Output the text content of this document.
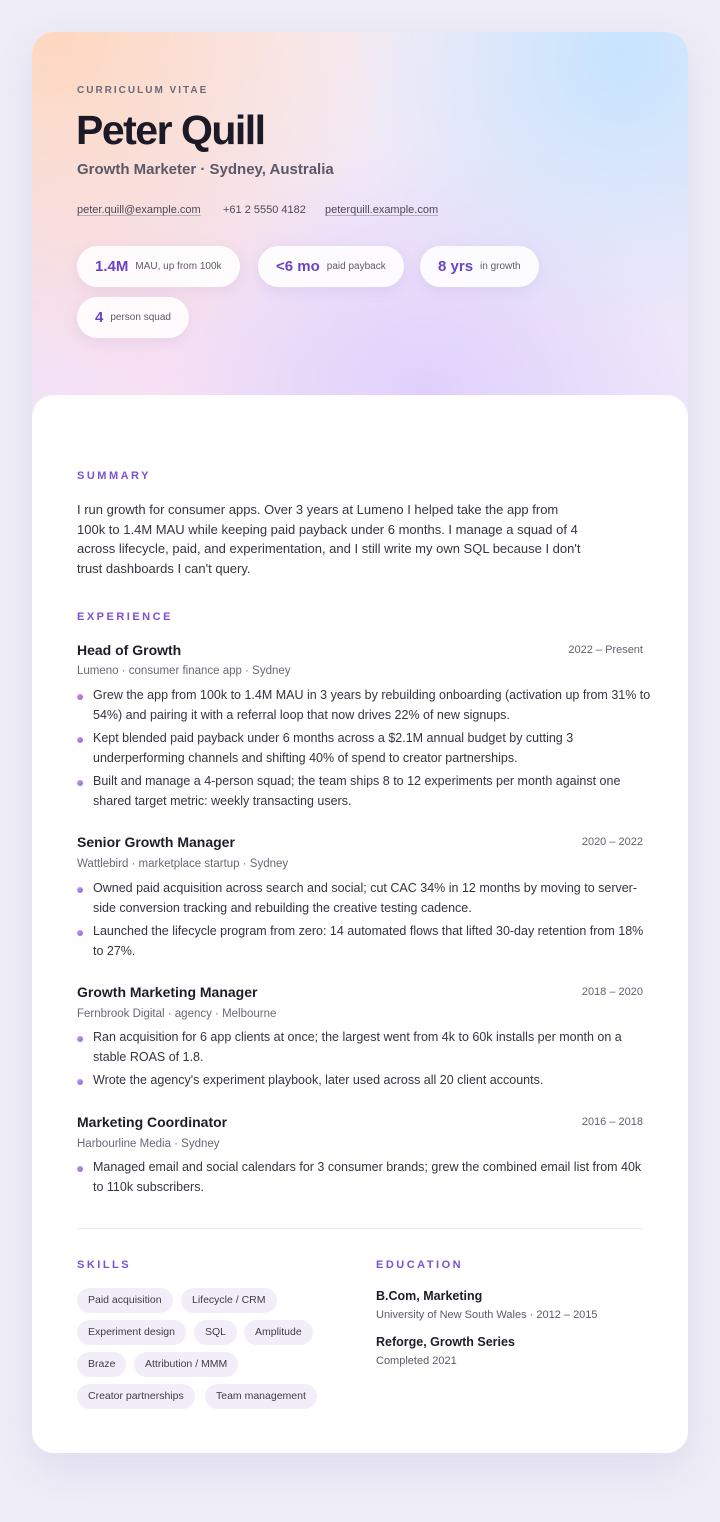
CURRICULUM VITAE
Peter Quill
Growth Marketer · Sydney, Australia
peter.quill@example.com +61 2 5550 4182 peterquill.example.com
1.4M MAU, up from 100k	<6 mo paid payback	8 yrs in growth
4 person squad
SUMMARY
I run growth for consumer apps. Over 3 years at Lumeno I helped take the app from 100k to 1.4M MAU while keeping paid payback under 6 months. I manage a squad of 4 across lifecycle, paid, and experimentation, and I still write my own SQL because I don't trust dashboards I can't query.
EXPERIENCE
Head of Growth	2022 – Present
Lumeno · consumer finance app · Sydney
Grew the app from 100k to 1.4M MAU in 3 years by rebuilding onboarding (activation up from 31% to 54%) and pairing it with a referral loop that now drives 22% of new signups.
Kept blended paid payback under 6 months across a $2.1M annual budget by cutting 3 underperforming channels and shifting 40% of spend to creator partnerships.
Built and manage a 4-person squad; the team ships 8 to 12 experiments per month against one shared target metric: weekly transacting users.
Senior Growth Manager	2020 – 2022
Wattlebird · marketplace startup · Sydney
Owned paid acquisition across search and social; cut CAC 34% in 12 months by moving to server-side conversion tracking and rebuilding the creative testing cadence.
Launched the lifecycle program from zero: 14 automated flows that lifted 30-day retention from 18% to 27%.
Growth Marketing Manager	2018 – 2020
Fernbrook Digital · agency · Melbourne
Ran acquisition for 6 app clients at once; the largest went from 4k to 60k installs per month on a stable ROAS of 1.8.
Wrote the agency's experiment playbook, later used across all 20 client accounts.
Marketing Coordinator	2016 – 2018
Harbourline Media · Sydney
Managed email and social calendars for 3 consumer brands; grew the combined email list from 40k to 110k subscribers.
SKILLS
Paid acquisition	Lifecycle / CRM
Experiment design	SQL	Amplitude
Braze	Attribution / MMM
Creator partnerships	Team management
EDUCATION
B.Com, Marketing
University of New South Wales · 2012 – 2015
Reforge, Growth Series
Completed 2021
